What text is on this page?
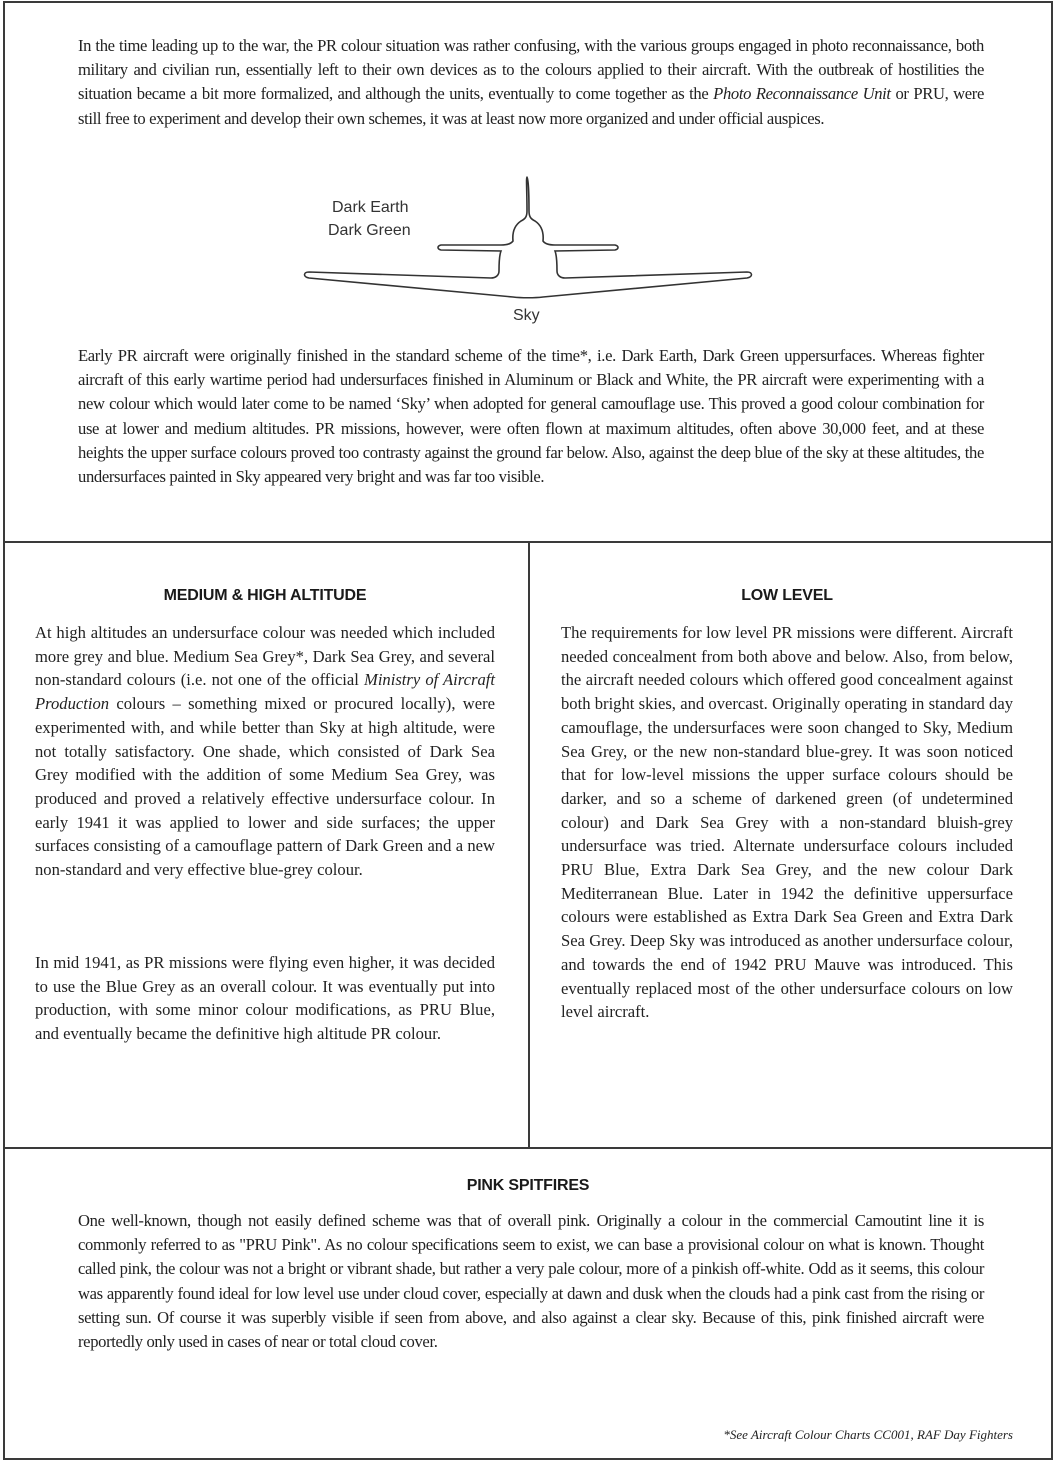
In the time leading up to the war, the PR colour situation was rather confusing, with the various groups engaged in photo reconnaissance, both military and civilian run, essentially left to their own devices as to the colours applied to their aircraft. With the outbreak of hostilities the situation became a bit more formalized, and although the units, eventually to come together as the Photo Reconnaissance Unit or PRU, were still free to experiment and develop their own schemes, it was at least now more organized and under official auspices.

Dark Earth
Dark Green
Sky

Early PR aircraft were originally finished in the standard scheme of the time*, i.e. Dark Earth, Dark Green uppersurfaces. Whereas fighter aircraft of this early wartime period had undersurfaces finished in Aluminum or Black and White, the PR aircraft were experimenting with a new colour which would later come to be named ‘Sky’ when adopted for general camouflage use. This proved a good colour combination for use at lower and medium altitudes. PR missions, however, were often flown at maximum altitudes, often above 30,000 feet, and at these heights the upper surface colours proved too contrasty against the ground far below. Also, against the deep blue of the sky at these altitudes, the undersurfaces painted in Sky appeared very bright and was far too visible.

MEDIUM & HIGH ALTITUDE

At high altitudes an undersurface colour was needed which included more grey and blue. Medium Sea Grey*, Dark Sea Grey, and several non-standard colours (i.e. not one of the official Ministry of Aircraft Production colours – something mixed or procured locally), were experimented with, and while better than Sky at high altitude, were not totally satisfactory. One shade, which consisted of Dark Sea Grey modified with the addition of some Medium Sea Grey, was produced and proved a relatively effective undersurface colour. In early 1941 it was applied to lower and side surfaces; the upper surfaces consisting of a camouflage pattern of Dark Green and a new non-standard and very effective blue-grey colour.

In mid 1941, as PR missions were flying even higher, it was decided to use the Blue Grey as an overall colour. It was eventually put into production, with some minor colour modifications, as PRU Blue, and eventually became the definitive high altitude PR colour.

LOW LEVEL

The requirements for low level PR missions were different. Aircraft needed concealment from both above and below. Also, from below, the aircraft needed colours which offered good concealment against both bright skies, and overcast. Originally operating in standard day camouflage, the undersurfaces were soon changed to Sky, Medium Sea Grey, or the new non-standard blue-grey. It was soon noticed that for low-level missions the upper surface colours should be darker, and so a scheme of darkened green (of undetermined colour) and Dark Sea Grey with a non-standard bluish-grey undersurface was tried. Alternate undersurface colours included PRU Blue, Extra Dark Sea Grey, and the new colour Dark Mediterranean Blue. Later in 1942 the definitive uppersurface colours were established as Extra Dark Sea Green and Extra Dark Sea Grey. Deep Sky was introduced as another undersurface colour, and towards the end of 1942 PRU Mauve was introduced. This eventually replaced most of the other undersurface colours on low level aircraft.

PINK SPITFIRES

One well-known, though not easily defined scheme was that of overall pink. Originally a colour in the commercial Camoutint line it is commonly referred to as "PRU Pink". As no colour specifications seem to exist, we can base a provisional colour on what is known. Thought called pink, the colour was not a bright or vibrant shade, but rather a very pale colour, more of a pinkish off-white. Odd as it seems, this colour was apparently found ideal for low level use under cloud cover, especially at dawn and dusk when the clouds had a pink cast from the rising or setting sun. Of course it was superbly visible if seen from above, and also against a clear sky. Because of this, pink finished aircraft were reportedly only used in cases of near or total cloud cover.

*See Aircraft Colour Charts CC001, RAF Day Fighters
